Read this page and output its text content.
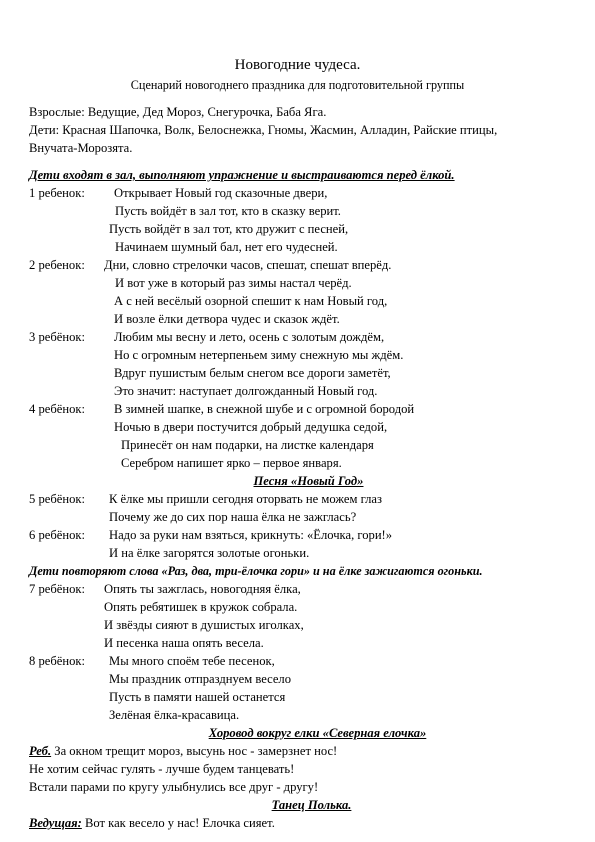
Новогодние чудеса.
Сценарий новогоднего праздника для подготовительной группы
Взрослые: Ведущие, Дед Мороз, Снегурочка, Баба Яга.
Дети: Красная Шапочка, Волк, Белоснежка, Гномы, Жасмин, Алладин, Райские птицы,
Внучата-Морозята.
Дети входят в зал, выполняют упражнение и выстраиваются перед ёлкой.
1 ребенок: Открывает Новый год сказочные двери,
Пусть войдёт в зал тот, кто в сказку верит.
Пусть войдёт в зал тот, кто дружит с песней,
Начинаем шумный бал, нет его чудесней.
2 ребенок: Дни, словно стрелочки часов, спешат, спешат вперёд.
И вот уже в который раз зимы настал черёд.
А с ней весёлый озорной спешит к нам Новый год,
И возле ёлки детвора чудес и сказок ждёт.
3 ребёнок: Любим мы весну и лето, осень с золотым дождём,
Но с огромным нетерпеньем зиму снежную мы ждём.
Вдруг пушистым белым снегом все дороги заметёт,
Это значит: наступает долгожданный Новый год.
4 ребёнок: В зимней шапке, в снежной шубе и с огромной бородой
Ночью в двери постучится добрый дедушка седой,
Принесёт он нам подарки, на листке календаря
Серебром напишет ярко – первое января.
Песня «Новый Год»
5 ребёнок: К ёлке мы пришли сегодня оторвать не можем глаз
Почему же до сих пор наша ёлка не зажглась?
6 ребёнок: Надо за руки нам взяться, крикнуть: «Ёлочка, гори!»
И на ёлке загорятся золотые огоньки.
Дети повторяют слова «Раз, два, три-ёлочка гори» и на ёлке зажигаются огоньки.
7 ребёнок: Опять ты зажглась, новогодняя ёлка,
Опять ребятишек в кружок собрала.
И звёзды сияют в душистых иголках,
И песенка наша опять весела.
8 ребёнок: Мы много споём тебе песенок,
Мы праздник отпразднуем весело
Пусть в памяти нашей останется
Зелёная ёлка-красавица.
Хоровод вокруг елки «Северная елочка»
Реб. За окном трещит мороз, высунь нос - замерзнет нос!
Не хотим сейчас гулять - лучше будем танцевать!
Встали парами по кругу улыбнулись все друг - другу!
Танец Полька.
Ведущая: Вот как весело у нас! Елочка сияет.
